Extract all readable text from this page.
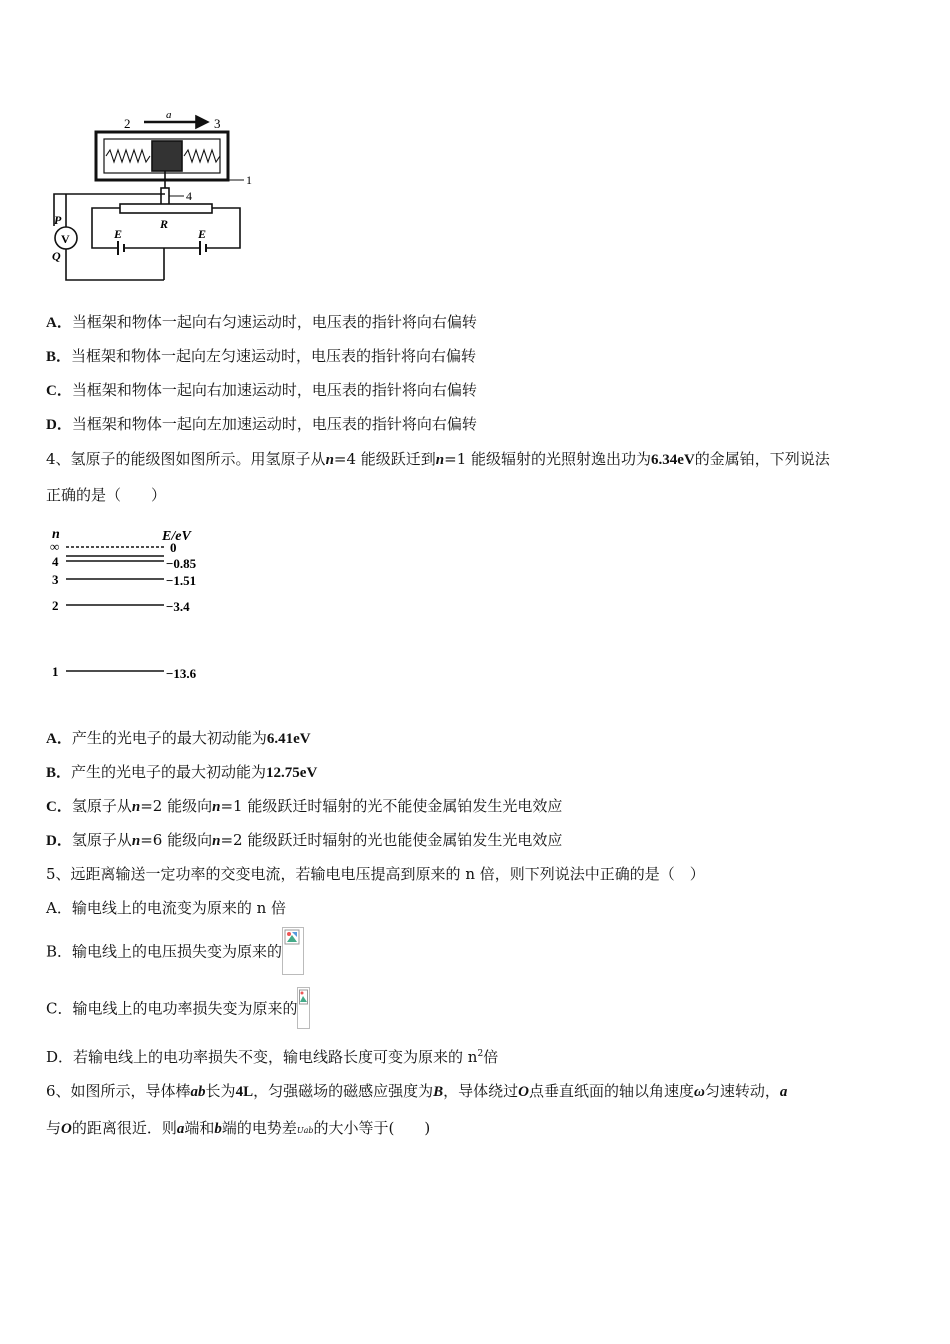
2	3
a
1
4
R
E	E
P
Q
V
A．当框架和物体一起向右匀速运动时，电压表的指针将向右偏转
B．当框架和物体一起向左匀速运动时，电压表的指针将向右偏转
C．当框架和物体一起向右加速运动时，电压表的指针将向右偏转
D．当框架和物体一起向左加速运动时，电压表的指针将向右偏转
4、氢原子的能级图如图所示。用氢原子从n=4 能级跃迁到n=1 能级辐射的光照射逸出功为6.34eV的金属铂，下列说法
正确的是（　　）
n	E/eV
∞	0
4	−0.85
3	−1.51
2	−3.4
1	−13.6
A．产生的光电子的最大初动能为6.41eV
B．产生的光电子的最大初动能为12.75eV
C．氢原子从n=2 能级向n=1 能级跃迁时辐射的光不能使金属铂发生光电效应
D．氢原子从n=6 能级向n=2 能级跃迁时辐射的光也能使金属铂发生光电效应
5、远距离输送一定功率的交变电流，若输电电压提高到原来的 n 倍，则下列说法中正确的是（　）
A．输电线上的电流变为原来的 n 倍
B．输电线上的电压损失变为原来的
C．输电线上的电功率损失变为原来的
D．若输电线上的电功率损失不变，输电线路长度可变为原来的 $n^2$倍
6、如图所示，导体棒ab长为4L，匀强磁场的磁感应强度为B，导体绕过O点垂直纸面的轴以角速度ω匀速转动，a
与O的距离很近．则a端和b端的电势差Uab的大小等于(　　)
